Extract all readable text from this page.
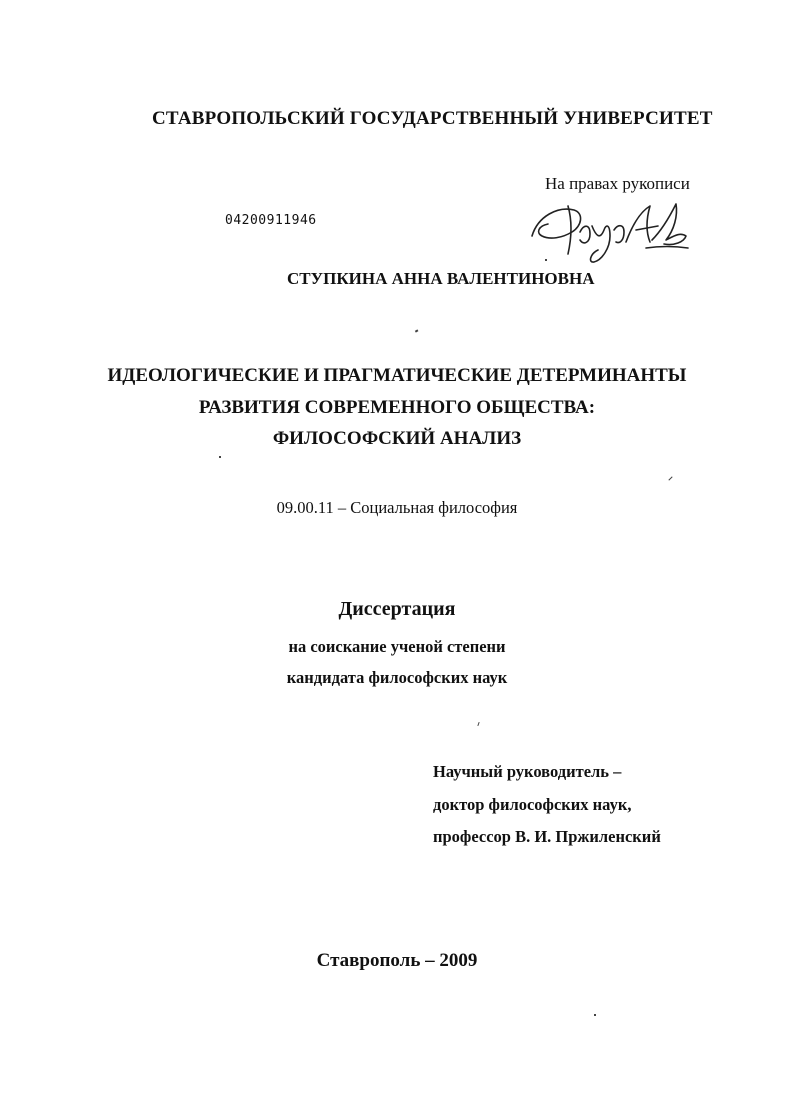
СТАВРОПОЛЬСКИЙ ГОСУДАРСТВЕННЫЙ УНИВЕРСИТЕТ
На правах рукописи
04200911946
СТУПКИНА АННА ВАЛЕНТИНОВНА
ИДЕОЛОГИЧЕСКИЕ И ПРАГМАТИЧЕСКИЕ ДЕТЕРМИНАНТЫ
РАЗВИТИЯ СОВРЕМЕННОГО ОБЩЕСТВА:
ФИЛОСОФСКИЙ АНАЛИЗ
09.00.11 – Социальная философия
Диссертация
на соискание ученой степени
кандидата философских наук
Научный руководитель –
доктор философских наук,
профессор В. И. Пржиленский
Ставрополь – 2009
